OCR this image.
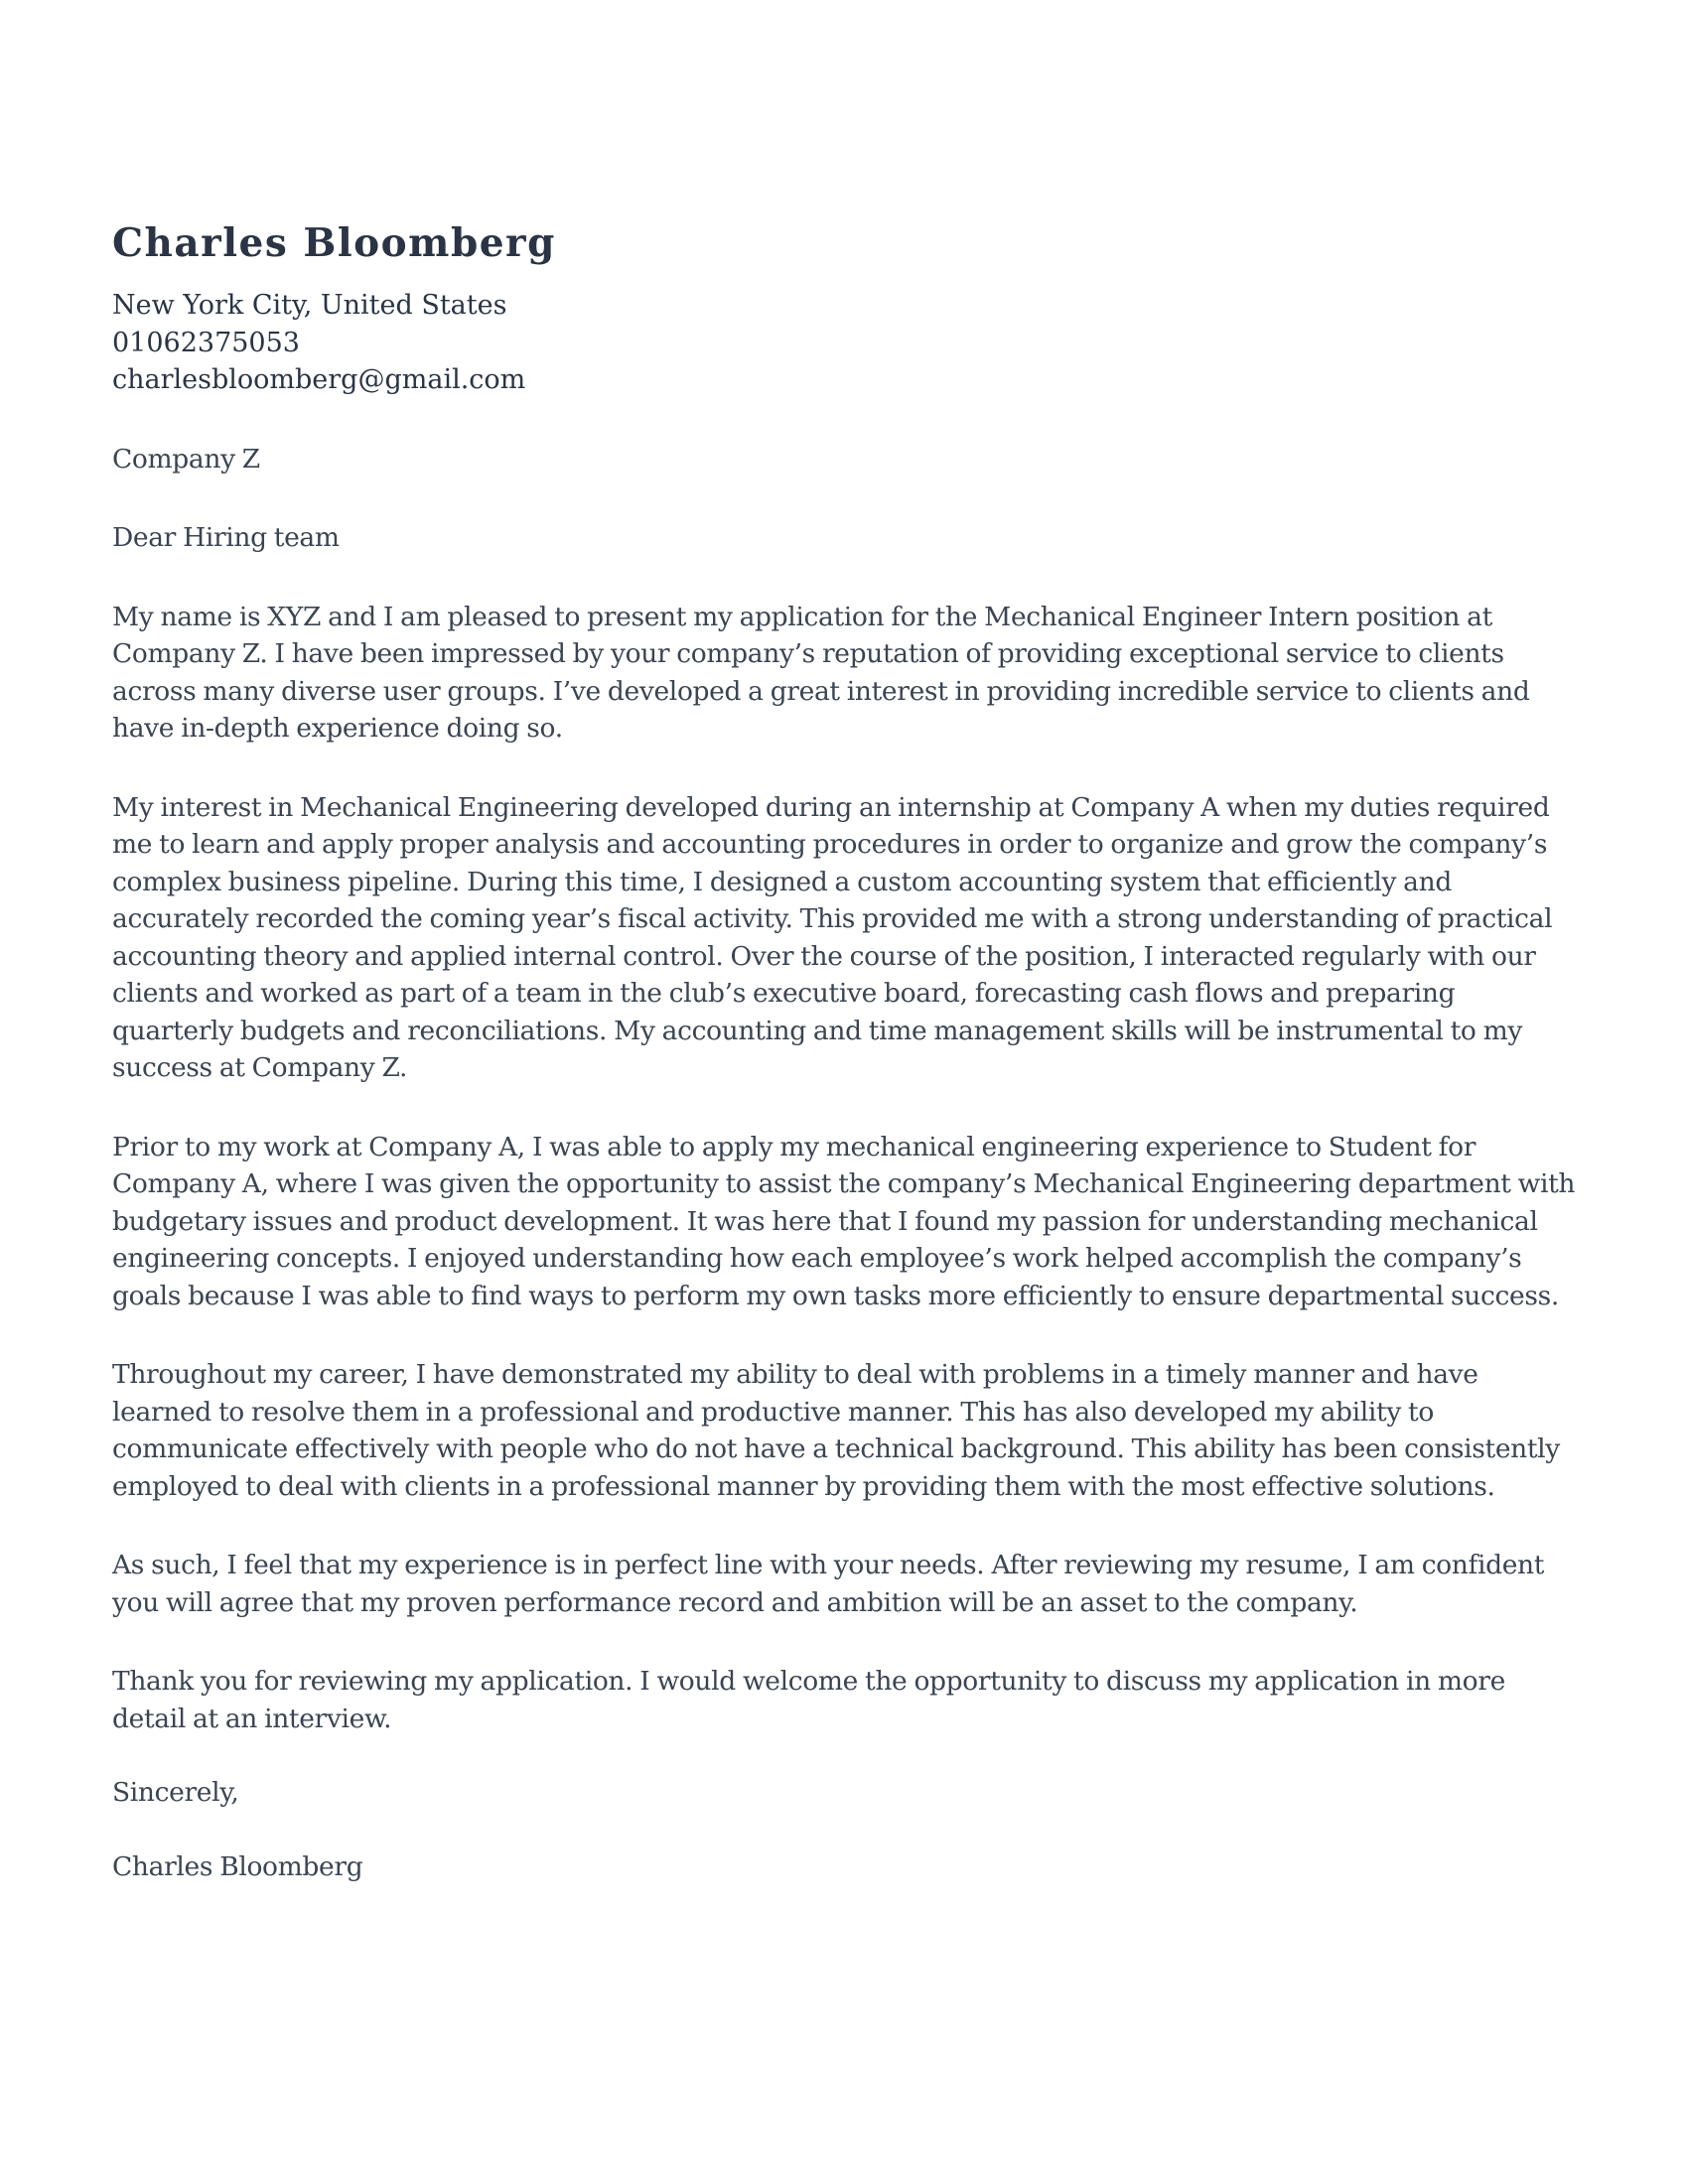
Charles Bloomberg
New York City, United States
01062375053
charlesbloomberg@gmail.com

Company Z

Dear Hiring team

My name is XYZ and I am pleased to present my application for the Mechanical Engineer Intern position at Company Z. I have been impressed by your company’s reputation of providing exceptional service to clients across many diverse user groups. I’ve developed a great interest in providing incredible service to clients and have in-depth experience doing so.

My interest in Mechanical Engineering developed during an internship at Company A when my duties required me to learn and apply proper analysis and accounting procedures in order to organize and grow the company’s complex business pipeline. During this time, I designed a custom accounting system that efficiently and accurately recorded the coming year’s fiscal activity. This provided me with a strong understanding of practical accounting theory and applied internal control. Over the course of the position, I interacted regularly with our clients and worked as part of a team in the club’s executive board, forecasting cash flows and preparing quarterly budgets and reconciliations. My accounting and time management skills will be instrumental to my success at Company Z.

Prior to my work at Company A, I was able to apply my mechanical engineering experience to Student for Company A, where I was given the opportunity to assist the company’s Mechanical Engineering department with budgetary issues and product development. It was here that I found my passion for understanding mechanical engineering concepts. I enjoyed understanding how each employee’s work helped accomplish the company’s goals because I was able to find ways to perform my own tasks more efficiently to ensure departmental success.

Throughout my career, I have demonstrated my ability to deal with problems in a timely manner and have learned to resolve them in a professional and productive manner. This has also developed my ability to communicate effectively with people who do not have a technical background. This ability has been consistently employed to deal with clients in a professional manner by providing them with the most effective solutions.

As such, I feel that my experience is in perfect line with your needs. After reviewing my resume, I am confident you will agree that my proven performance record and ambition will be an asset to the company.

Thank you for reviewing my application. I would welcome the opportunity to discuss my application in more detail at an interview.

Sincerely,

Charles Bloomberg
